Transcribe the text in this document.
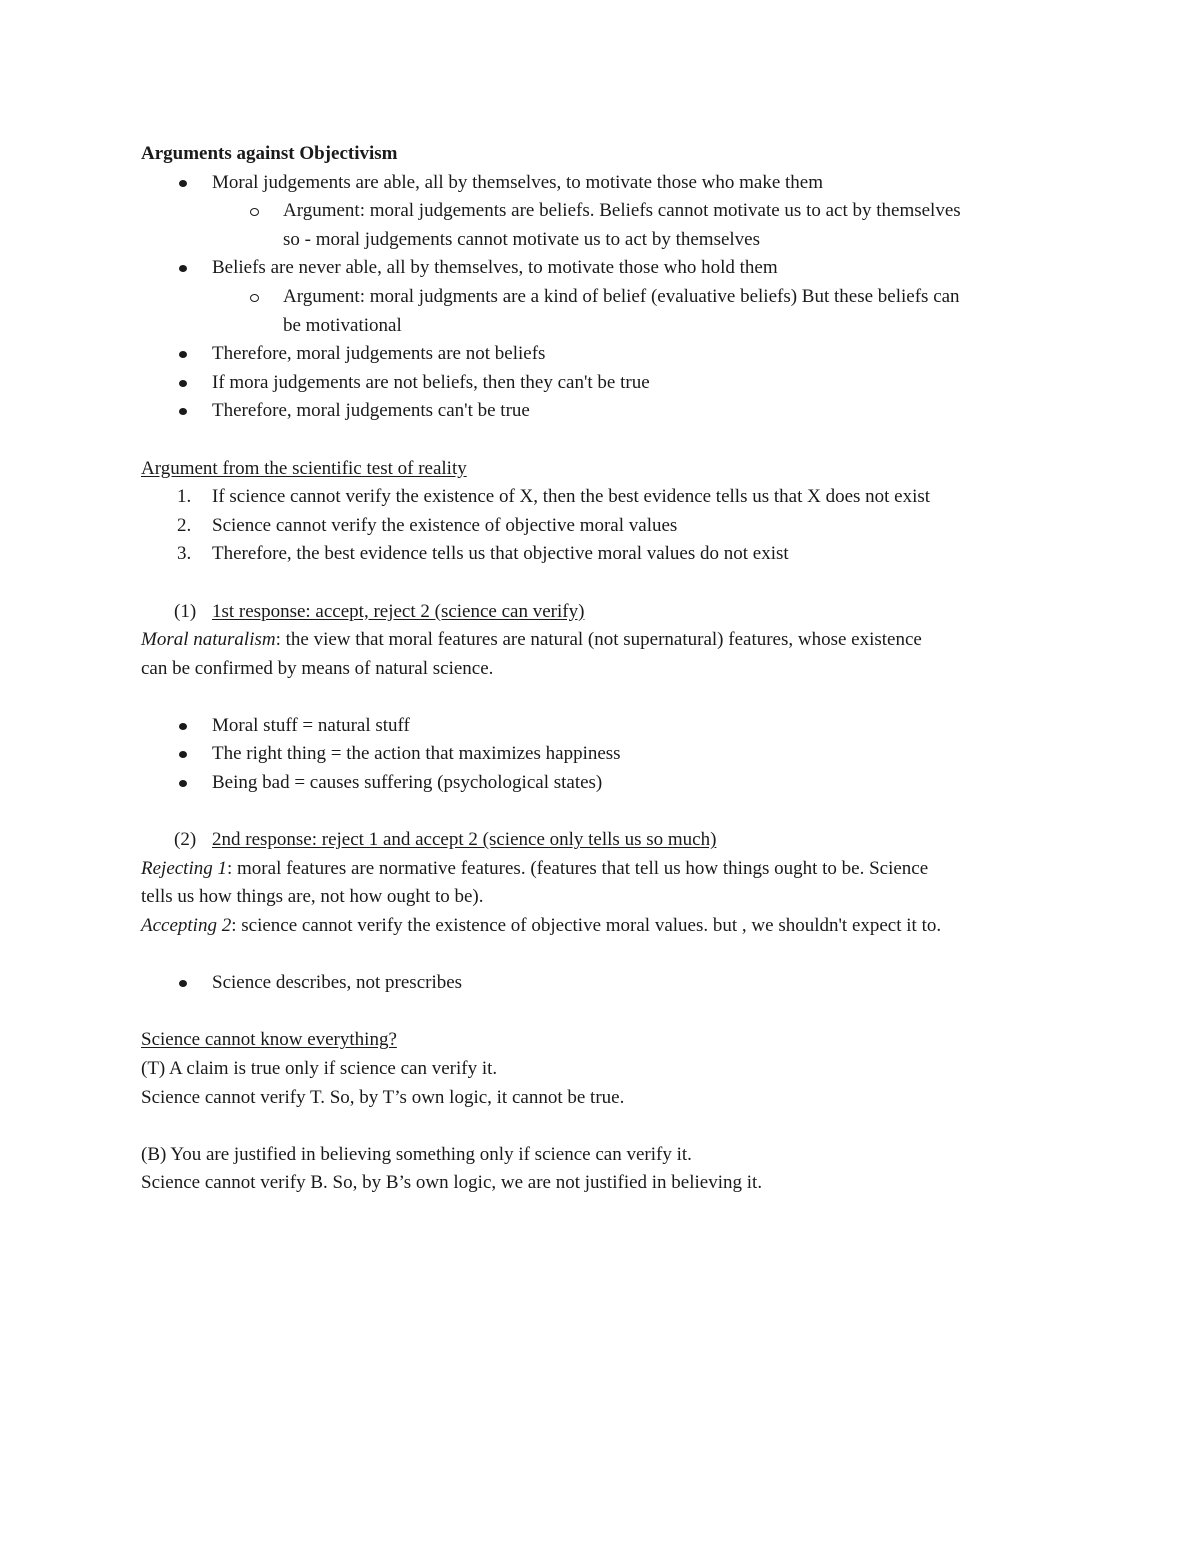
Arguments against Objectivism
Moral judgements are able, all by themselves, to motivate those who make them
Argument: moral judgements are beliefs. Beliefs cannot motivate us to act by themselves
so - moral judgements cannot motivate us to act by themselves
Beliefs are never able, all by themselves, to motivate those who hold them
Argument: moral judgments are a kind of belief (evaluative beliefs) But these beliefs can
be motivational
Therefore, moral judgements are not beliefs
If mora judgements are not beliefs, then they can't be true
Therefore, moral judgements can't be true
Argument from the scientific test of reality
1. If science cannot verify the existence of X, then the best evidence tells us that X does not exist
2. Science cannot verify the existence of objective moral values
3. Therefore, the best evidence tells us that objective moral values do not exist
(1) 1st response: accept, reject 2 (science can verify)
Moral naturalism: the view that moral features are natural (not supernatural) features, whose existence
can be confirmed by means of natural science.
Moral stuff = natural stuff
The right thing = the action that maximizes happiness
Being bad = causes suffering (psychological states)
(2) 2nd response: reject 1 and accept 2 (science only tells us so much)
Rejecting 1: moral features are normative features. (features that tell us how things ought to be. Science
tells us how things are, not how ought to be).
Accepting 2: science cannot verify the existence of objective moral values. but , we shouldn't expect it to.
Science describes, not prescribes
Science cannot know everything?
(T) A claim is true only if science can verify it.
Science cannot verify T. So, by T’s own logic, it cannot be true.
(B) You are justified in believing something only if science can verify it.
Science cannot verify B. So, by B’s own logic, we are not justified in believing it.
